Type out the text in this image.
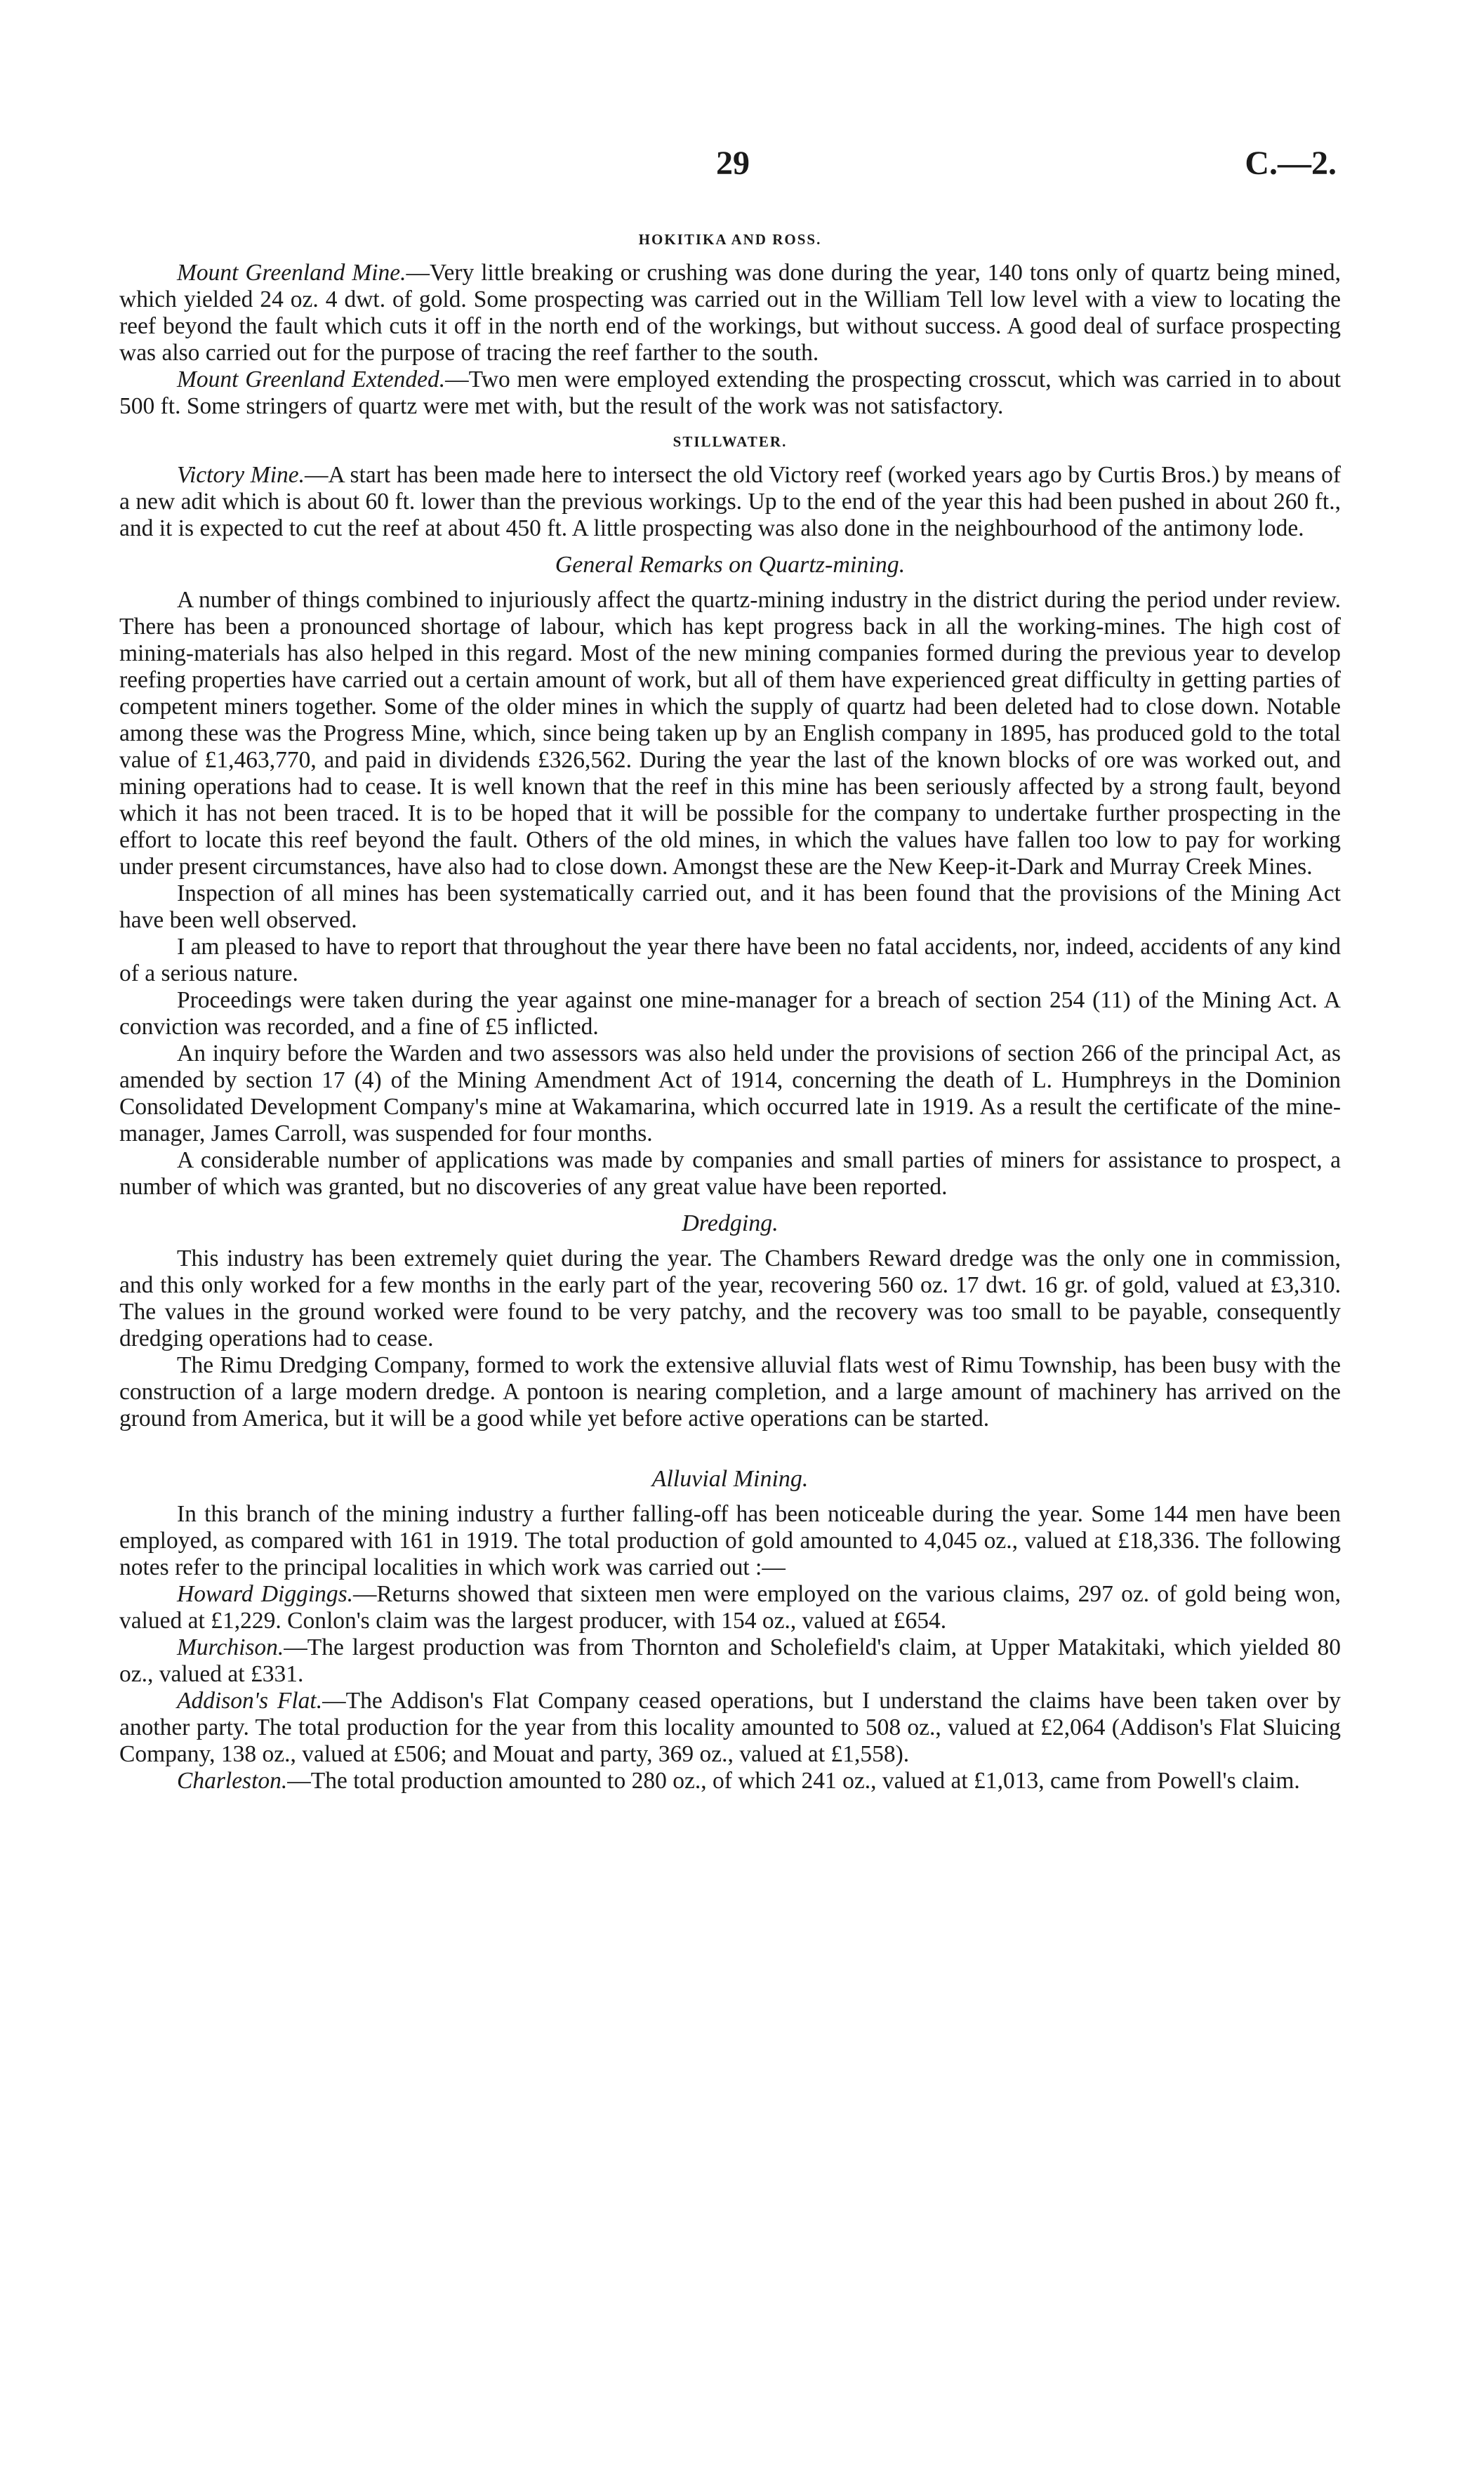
29	C.—2.

HOKITIKA AND ROSS.

Mount Greenland Mine.—Very little breaking or crushing was done during the year, 140 tons only of quartz being mined, which yielded 24 oz. 4 dwt. of gold. Some prospecting was carried out in the William Tell low level with a view to locating the reef beyond the fault which cuts it off in the north end of the workings, but without success. A good deal of surface prospecting was also carried out for the purpose of tracing the reef farther to the south.

Mount Greenland Extended.—Two men were employed extending the prospecting crosscut, which was carried in to about 500 ft. Some stringers of quartz were met with, but the result of the work was not satisfactory.

STILLWATER.

Victory Mine.—A start has been made here to intersect the old Victory reef (worked years ago by Curtis Bros.) by means of a new adit which is about 60 ft. lower than the previous workings. Up to the end of the year this had been pushed in about 260 ft., and it is expected to cut the reef at about 450 ft. A little prospecting was also done in the neighbourhood of the antimony lode.

General Remarks on Quartz-mining.

A number of things combined to injuriously affect the quartz-mining industry in the district during the period under review. There has been a pronounced shortage of labour, which has kept progress back in all the working-mines. The high cost of mining-materials has also helped in this regard. Most of the new mining companies formed during the previous year to develop reefing properties have carried out a certain amount of work, but all of them have experienced great difficulty in getting parties of competent miners together. Some of the older mines in which the supply of quartz had been deleted had to close down. Notable among these was the Progress Mine, which, since being taken up by an English company in 1895, has produced gold to the total value of £1,463,770, and paid in dividends £326,562. During the year the last of the known blocks of ore was worked out, and mining operations had to cease. It is well known that the reef in this mine has been seriously affected by a strong fault, beyond which it has not been traced. It is to be hoped that it will be possible for the company to undertake further prospecting in the effort to locate this reef beyond the fault. Others of the old mines, in which the values have fallen too low to pay for working under present circumstances, have also had to close down. Amongst these are the New Keep-it-Dark and Murray Creek Mines.

Inspection of all mines has been systematically carried out, and it has been found that the provisions of the Mining Act have been well observed.

I am pleased to have to report that throughout the year there have been no fatal accidents, nor, indeed, accidents of any kind of a serious nature.

Proceedings were taken during the year against one mine-manager for a breach of section 254 (11) of the Mining Act. A conviction was recorded, and a fine of £5 inflicted.

An inquiry before the Warden and two assessors was also held under the provisions of section 266 of the principal Act, as amended by section 17 (4) of the Mining Amendment Act of 1914, concerning the death of L. Humphreys in the Dominion Consolidated Development Company's mine at Wakamarina, which occurred late in 1919. As a result the certificate of the mine-manager, James Carroll, was suspended for four months.

A considerable number of applications was made by companies and small parties of miners for assistance to prospect, a number of which was granted, but no discoveries of any great value have been reported.

Dredging.

This industry has been extremely quiet during the year. The Chambers Reward dredge was the only one in commission, and this only worked for a few months in the early part of the year, recovering 560 oz. 17 dwt. 16 gr. of gold, valued at £3,310. The values in the ground worked were found to be very patchy, and the recovery was too small to be payable, consequently dredging operations had to cease.

The Rimu Dredging Company, formed to work the extensive alluvial flats west of Rimu Township, has been busy with the construction of a large modern dredge. A pontoon is nearing completion, and a large amount of machinery has arrived on the ground from America, but it will be a good while yet before active operations can be started.

Alluvial Mining.

In this branch of the mining industry a further falling-off has been noticeable during the year. Some 144 men have been employed, as compared with 161 in 1919. The total production of gold amounted to 4,045 oz., valued at £18,336. The following notes refer to the principal localities in which work was carried out :—

Howard Diggings.—Returns showed that sixteen men were employed on the various claims, 297 oz. of gold being won, valued at £1,229. Conlon's claim was the largest producer, with 154 oz., valued at £654.

Murchison.—The largest production was from Thornton and Scholefield's claim, at Upper Matakitaki, which yielded 80 oz., valued at £331.

Addison's Flat.—The Addison's Flat Company ceased operations, but I understand the claims have been taken over by another party. The total production for the year from this locality amounted to 508 oz., valued at £2,064 (Addison's Flat Sluicing Company, 138 oz., valued at £506; and Mouat and party, 369 oz., valued at £1,558).

Charleston.—The total production amounted to 280 oz., of which 241 oz., valued at £1,013, came from Powell's claim.
